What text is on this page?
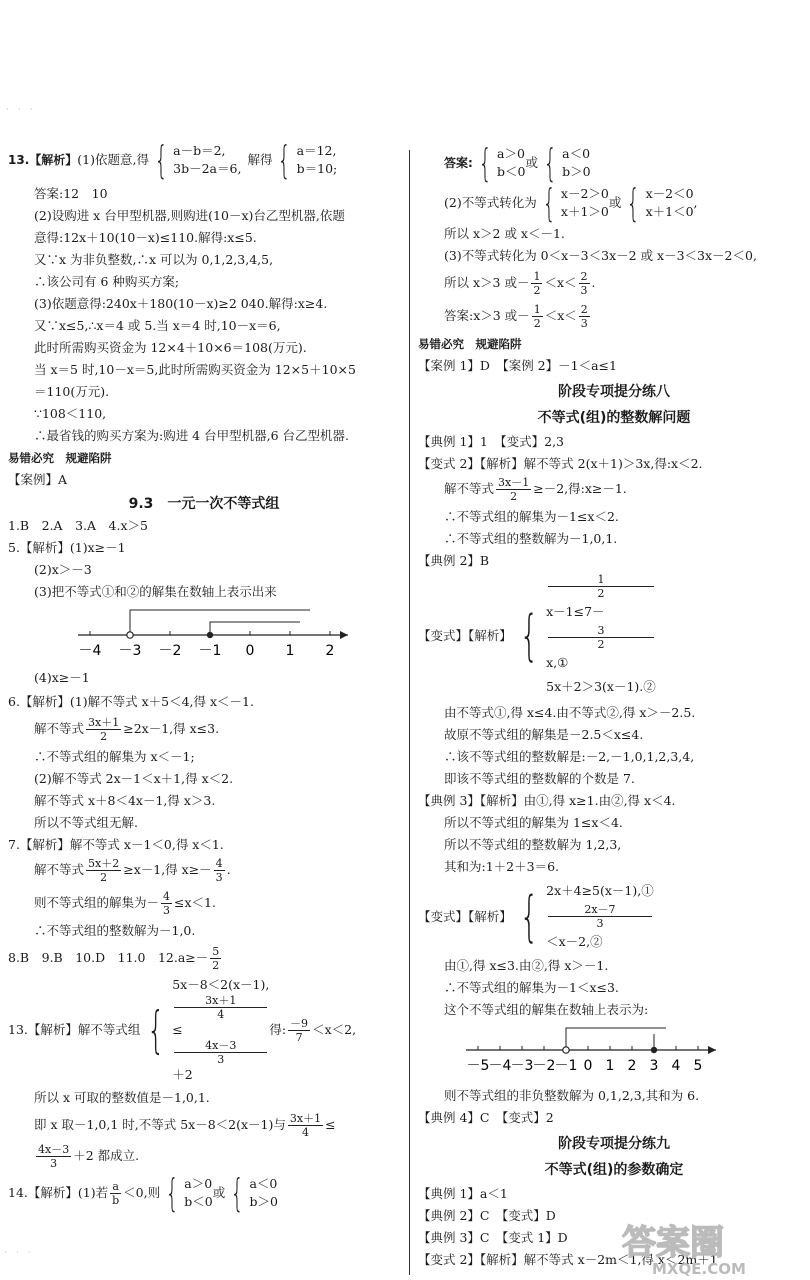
·　·　·
·　·　·
13.【解析】 (1)依题意,得 { a－b＝2,
3b－2a＝6,
解得 { a＝12,
b＝10;
答案:12　10
(2)设购进 x 台甲型机器,则购进(10－x)台乙型机器,依题
意得:12x＋10(10－x)≤110.解得:x≤5.
又∵x 为非负整数,∴x 可以为 0,1,2,3,4,5,
∴该公司有 6 种购买方案;
(3)依题意得:240x＋180(10－x)≥2 040.解得:x≥4.
又∵x≤5,∴x＝4 或 5.当 x＝4 时,10－x＝6,
此时所需购买资金为 12×4＋10×6＝108(万元).
当 x＝5 时,10－x＝5,此时所需购买资金为 12×5＋10×5
＝110(万元).
∵108＜110,
∴最省钱的购买方案为:购进 4 台甲型机器,6 台乙型机器.
易错必究　规避陷阱
【案例】A
9.3　一元一次不等式组
1.B　2.A　3.A　4.x＞5
5.【解析】(1)x≥－1
(2)x＞－3
(3)把不等式①和②的解集在数轴上表示出来
－4 －3 －2 －1 0 1 2
(4)x≥－1
6.【解析】(1)解不等式 x＋5＜4,得 x＜－1.
解不等式 $\frac{3x+1}{2} \ge 2x-1$,得 x≤3.
∴不等式组的解集为 x＜－1;
(2)解不等式 2x－1＜x＋1,得 x＜2.
解不等式 x＋8＜4x－1,得 x＞3.
所以不等式组无解.
7.【解析】解不等式 x－1＜0,得 x＜1.
解不等式 $\frac{5x+2}{2} \ge x-1$,得 $x\ge- \frac{4}{3}$ .
则不等式组的解集为－ $\frac{4}{3} \le x<1$.
∴不等式组的整数解为－1,0.
8.B　9.B　10.D　11.0　$12.a\ge- \frac{5}{2}$
13.【解析】解不等式组 {
5x－8＜2(x－1),
3x＋1
4
≤
4x－3
3
＋2
得: $\frac{-9}{7} <x<2$,
所以 x 可取的整数值是－1,0,1.
即 x 取－1,0,1 时,不等式 5x－8＜2(x－1)与 $\frac{3x+1}{4}$ ≤
$\frac{4x-3}{3} +2$ 都成立.
14.【解析】(1)若 $\frac{a}{b} <0$,则 { a＞0
b＜0
或 { a＜0
b＞0
答案: { a＞0
b＜0
或 { a＜0
b＞0
(2)不等式转化为 { x－2＞0
x＋1＞0
或 { x－2＜0
x＋1＜0
,
所以 x＞2 或 x＜－1.
(3)不等式转化为 0＜x－3＜3x－2 或 x－3＜3x－2＜0,
所以 x＞3 或－ $\frac{1}{2} <x< \frac{2}{3}$ .
答案:x＞3 或－ $\frac{1}{2} <x< \frac{2}{3}$
易错必究　规避陷阱
【案例 1】D　【案例 2】－1＜a≤1
阶段专项提分练八
不等式(组)的整数解问题
【典例 1】1　【变式】2,3
【变式 2】【解析】解不等式 2(x＋1)＞3x,得:x＜2.
解不等式 $\frac{3x-1}{2} \ge-2$,得:x≥－1.
∴不等式组的解集为－1≤x＜2.
∴不等式组的整数解为－1,0,1.
【典例 2】B
【变式】【解析】 {
1
2
x－1≤7－
3
2
x,①
5x＋2＞3(x－1).②
由不等式①,得 x≤4.由不等式②,得 x＞－2.5.
故原不等式组的解集是－2.5＜x≤4.
∴该不等式组的整数解是:－2,－1,0,1,2,3,4,
即该不等式组的整数解的个数是 7.
【典例 3】【解析】由①,得 x≥1.由②,得 x＜4.
所以不等式组的解集为 1≤x＜4.
所以不等式组的整数解为 1,2,3,
其和为:1＋2＋3＝6.
【变式】【解析】 { 2x＋4≥5(x－1),①
2x－7
3
＜x－2,②
由①,得 x≤3.由②,得 x＞－1.
∴不等式组的解集为－1＜x≤3.
这个不等式组的解集在数轴上表示为:
－5 －4 －3 －2 －1 0 1 2 3 4 5
则不等式组的非负整数解为 0,1,2,3,其和为 6.
【典例 4】C　【变式】2
阶段专项提分练九
不等式(组)的参数确定
【典例 1】a＜1
【典例 2】C　【变式】D
【典例 3】C　【变式 1】D
【变式 2】【解析】解不等式 x－2m＜1,得 x＜2m＋1
答案圈
MXQE.COM
